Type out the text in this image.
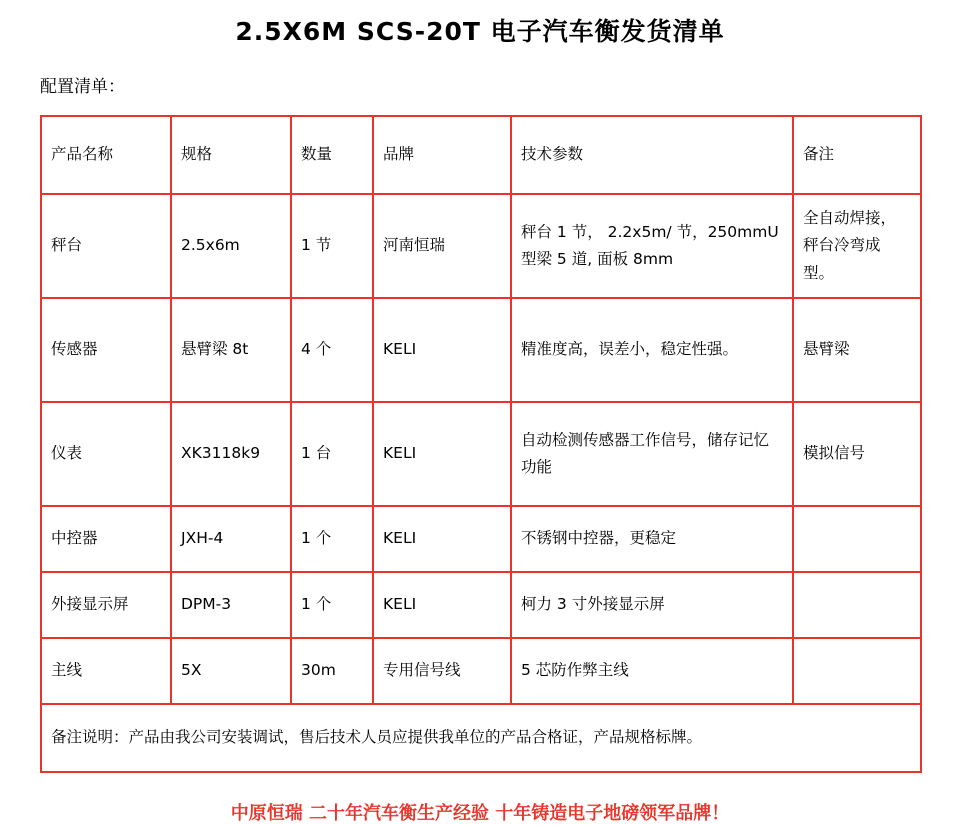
2.5X6M SCS-20T 电子汽车衡发货清单
配置清单：
产品名称	规格	数量	品牌	技术参数	备注
秤台	2.5x6m	1 节	河南恒瑞	秤台 1 节， 2.2x5m/ 节，250mmU 型梁 5 道, 面板 8mm	全自动焊接，秤台冷弯成型。
传感器	悬臂梁 8t	4 个	KELI	精准度高，误差小，稳定性强。	悬臂梁
仪表	XK3118k9	1 台	KELI	自动检测传感器工作信号，储存记忆功能	模拟信号
中控器	JXH-4	1 个	KELI	不锈钢中控器，更稳定	
外接显示屏	DPM-3	1 个	KELI	柯力 3 寸外接显示屏	
主线	5X	30m	专用信号线	5 芯防作弊主线	
备注说明：产品由我公司安装调试，售后技术人员应提供我单位的产品合格证，产品规格标牌。					
中原恒瑞 二十年汽车衡生产经验 十年铸造电子地磅领军品牌！
